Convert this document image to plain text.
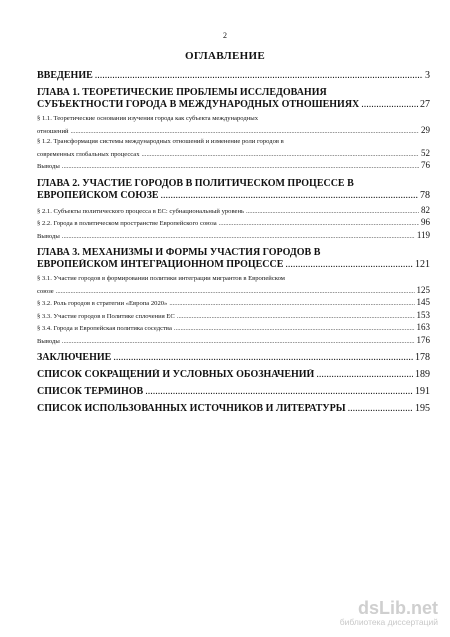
2
ОГЛАВЛЕНИЕ
ВВЕДЕНИЕ .....	3
ГЛАВА 1. ТЕОРЕТИЧЕСКИЕ ПРОБЛЕМЫ ИССЛЕДОВАНИЯ
СУБЪЕКТНОСТИ ГОРОДА В МЕЖДУНАРОДНЫХ ОТНОШЕНИЯХ .....	27
§ 1.1. Теоретические основания изучения города как субъекта международных
отношений .....	29
§ 1.2. Трансформация системы международных отношений и изменение роли городов в
современных глобальных процессах .....	52
Выводы .....	76
ГЛАВА 2. УЧАСТИЕ ГОРОДОВ В ПОЛИТИЧЕСКОМ ПРОЦЕССЕ В
ЕВРОПЕЙСКОМ СОЮЗЕ .....	78
§ 2.1. Субъекты политического процесса в ЕС: субнациональный уровень .....	82
§ 2.2. Города в политическом пространстве Европейского союза .....	96
Выводы .....	119
ГЛАВА 3. МЕХАНИЗМЫ И ФОРМЫ УЧАСТИЯ ГОРОДОВ В
ЕВРОПЕЙСКОМ ИНТЕГРАЦИОННОМ ПРОЦЕССЕ .....	121
§ 3.1. Участие городов в формировании политики интеграции мигрантов в Европейском
союзе .....	125
§ 3.2. Роль городов в стратегии «Европа 2020» .....	145
§ 3.3. Участие городов в Политике сплочения ЕС .....	153
§ 3.4. Города и Европейская политика соседства .....	163
Выводы .....	176
ЗАКЛЮЧЕНИЕ .....	178
СПИСОК СОКРАЩЕНИЙ И УСЛОВНЫХ ОБОЗНАЧЕНИЙ .....	189
СПИСОК ТЕРМИНОВ .....	191
СПИСОК ИСПОЛЬЗОВАННЫХ ИСТОЧНИКОВ И ЛИТЕРАТУРЫ .....	195
dsLib.net
библиотека диссертаций
